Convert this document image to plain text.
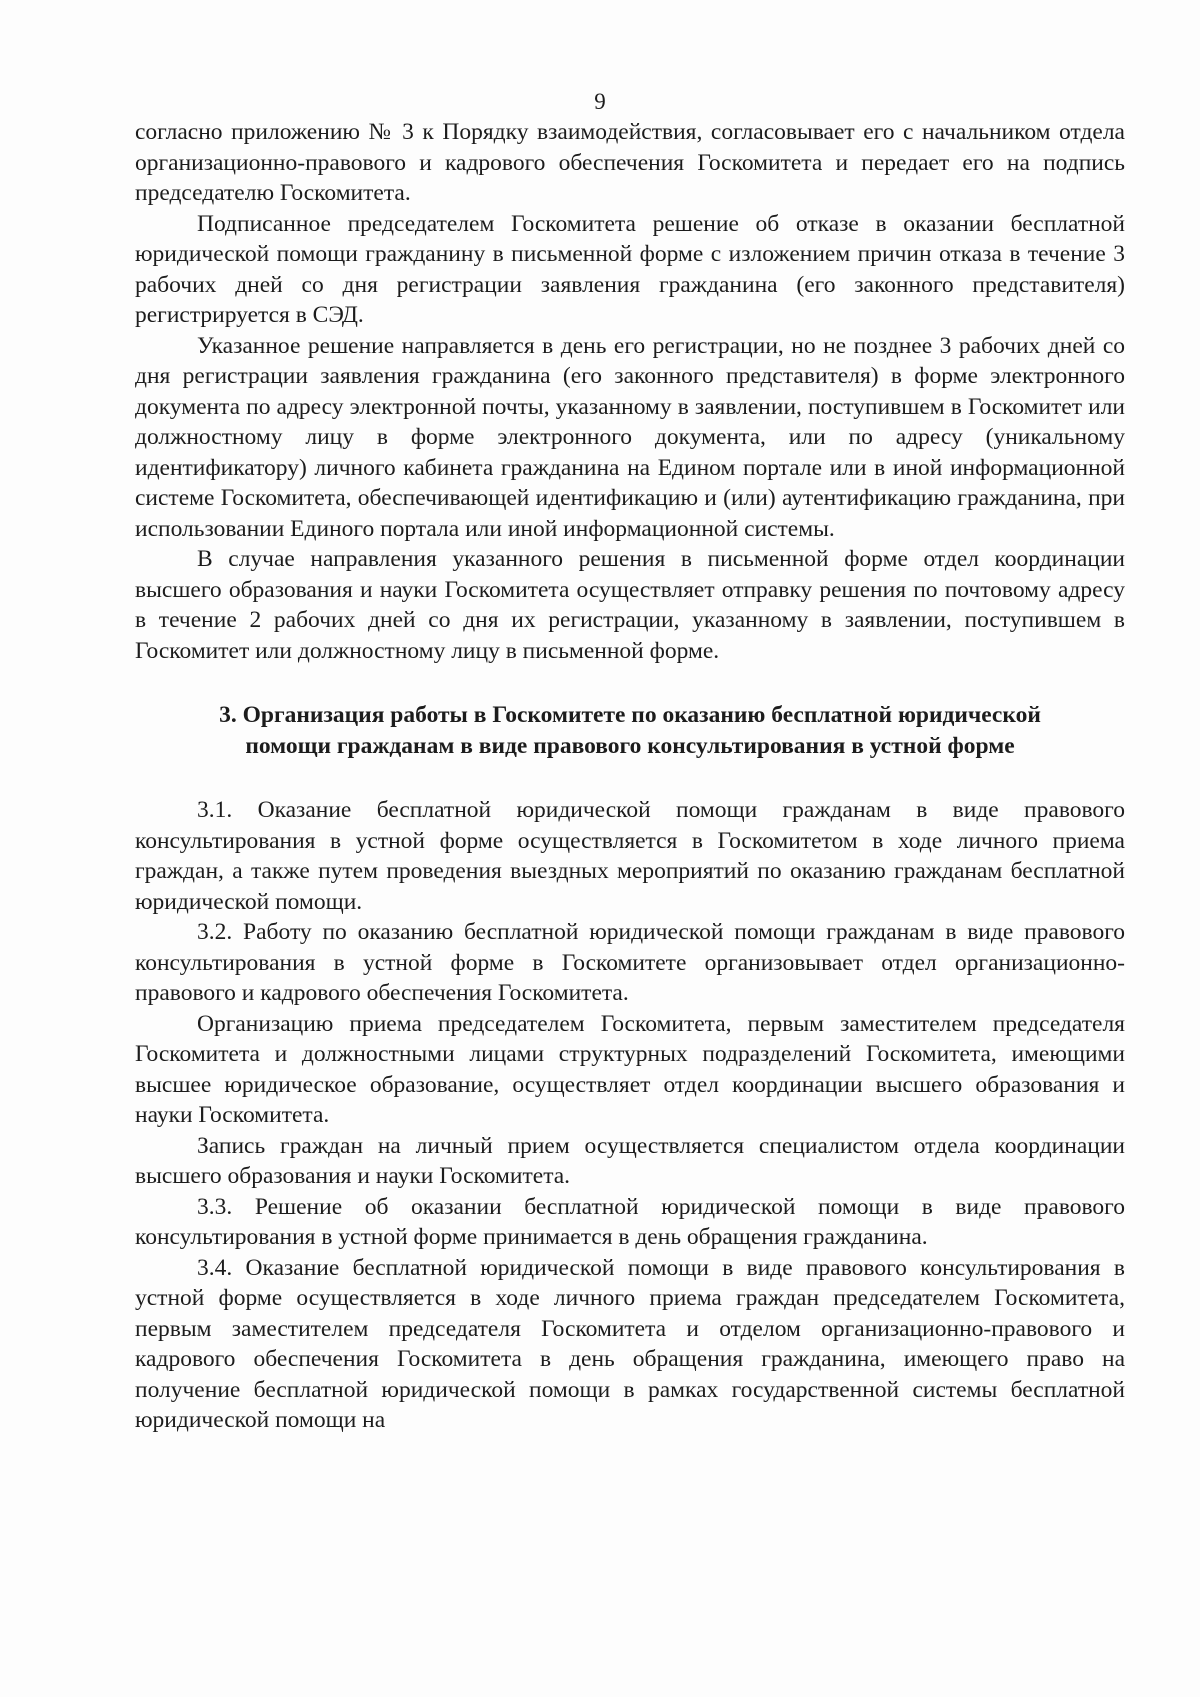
9

согласно приложению № 3 к Порядку взаимодействия, согласовывает его с начальником отдела организационно-правового и кадрового обеспечения Госкомитета и передает его на подпись председателю Госкомитета.

Подписанное председателем Госкомитета решение об отказе в оказании бесплатной юридической помощи гражданину в письменной форме с изложением причин отказа в течение 3 рабочих дней со дня регистрации заявления гражданина (его законного представителя) регистрируется в СЭД.

Указанное решение направляется в день его регистрации, но не позднее 3 рабочих дней со дня регистрации заявления гражданина (его законного представителя) в форме электронного документа по адресу электронной почты, указанному в заявлении, поступившем в Госкомитет или должностному лицу в форме электронного документа, или по адресу (уникальному идентификатору) личного кабинета гражданина на Едином портале или в иной информационной системе Госкомитета, обеспечивающей идентификацию и (или) аутентификацию гражданина, при использовании Единого портала или иной информационной системы.

В случае направления указанного решения в письменной форме отдел координации высшего образования и науки Госкомитета осуществляет отправку решения по почтовому адресу в течение 2 рабочих дней со дня их регистрации, указанному в заявлении, поступившем в Госкомитет или должностному лицу в письменной форме.

3. Организация работы в Госкомитете по оказанию бесплатной юридической
помощи гражданам в виде правового консультирования в устной форме

3.1. Оказание бесплатной юридической помощи гражданам в виде правового консультирования в устной форме осуществляется в Госкомитетом в ходе личного приема граждан, а также путем проведения выездных мероприятий по оказанию гражданам бесплатной юридической помощи.

3.2. Работу по оказанию бесплатной юридической помощи гражданам в виде правового консультирования в устной форме в Госкомитете организовывает отдел организационно-правового и кадрового обеспечения Госкомитета.

Организацию приема председателем Госкомитета, первым заместителем председателя Госкомитета и должностными лицами структурных подразделений Госкомитета, имеющими высшее юридическое образование, осуществляет отдел координации высшего образования и науки Госкомитета.

Запись граждан на личный прием осуществляется специалистом отдела координации высшего образования и науки Госкомитета.

3.3. Решение об оказании бесплатной юридической помощи в виде правового консультирования в устной форме принимается в день обращения гражданина.

3.4. Оказание бесплатной юридической помощи в виде правового консультирования в устной форме осуществляется в ходе личного приема граждан председателем Госкомитета, первым заместителем председателя Госкомитета и отделом организационно-правового и кадрового обеспечения Госкомитета в день обращения гражданина, имеющего право на получение бесплатной юридической помощи в рамках государственной системы бесплатной юридической помощи на
